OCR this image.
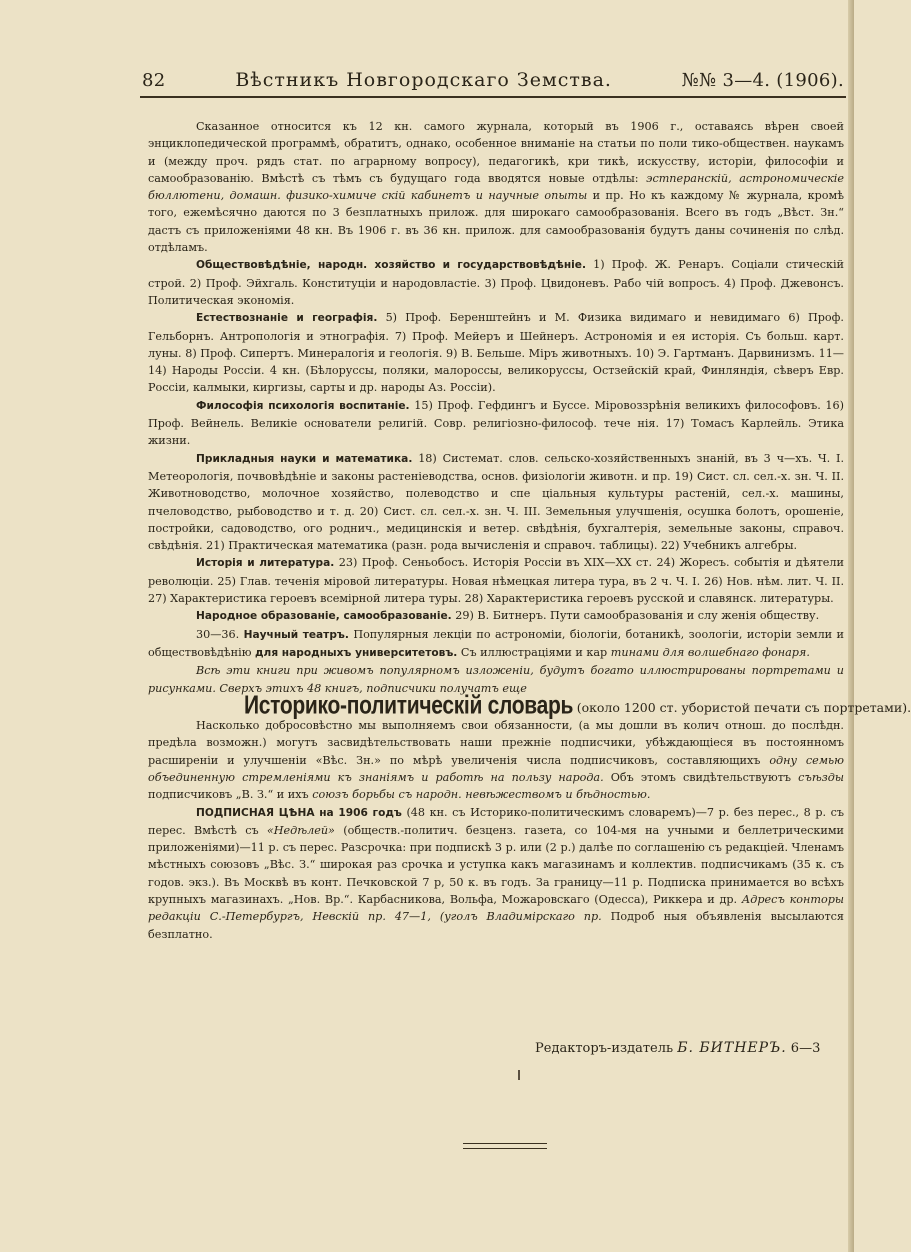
82	Вѣстникъ Новгородскаго Земства.	№№ 3—4. (1906).

Сказанное относится къ 12 кн. самого журнала, который въ 1906 г., оставаясь вѣрен своей энциклопедической программѣ, обратитъ, однако, особенное вниманіе на статьи по поли тико-обществен. наукамъ и (между проч. рядъ стат. по аграрному вопросу), педагогикѣ, кри тикѣ, искусству, исторіи, философіи и самообразованію. Вмѣстѣ съ тѣмъ съ будущаго года вводятся новые отдѣлы: эстперанскій, астрономическіе бюллютени, домашн. физико-химиче скій кабинетъ и научные опыты и пр. Но къ каждому № журнала, кромѣ того, ежемѣсячно даются по 3 безплатныхъ прилож. для широкаго самообразованія. Всего въ годъ „Вѣст. Зн.“ дастъ съ приложеніями 48 кн. Въ 1906 г. въ 36 кн. прилож. для самообразованія будутъ даны сочиненія по слѣд. отдѣламъ.

Обществовѣдѣніе, народн. хозяйство и государствовѣдѣніе. 1) Проф. Ж. Ренаръ. Соціали стическій строй. 2) Проф. Эйхгаль. Конституціи и народовластіе. 3) Проф. Цвидоневъ. Рабо чій вопросъ. 4) Проф. Джевонсъ. Политическая экономія.

Естествознаніе и географія. 5) Проф. Беренштейнъ и М. Физика видимаго и невидимаго 6) Проф. Гельборнъ. Антропологія и этнографія. 7) Проф. Мейеръ и Шейнеръ. Астрономія и ея исторія. Съ больш. карт. луны. 8) Проф. Сипертъ. Минералогія и геологія. 9) В. Бельше. Міръ животныхъ. 10) Э. Гартманъ. Дарвинизмъ. 11—14) Народы Россіи. 4 кн. (Бѣлоруссы, поляки, малороссы, великоруссы, Остзейскій край, Финляндія, сѣверъ Евр. Россіи, калмыки, киргизы, сарты и др. народы Аз. Россіи).

Философія психологія воспитаніе. 15) Проф. Гефдингъ и Буссе. Міровоззрѣнія великихъ философовъ. 16) Проф. Вейнель. Великіе основатели религій. Совр. религіозно-философ. тече нія. 17) Томасъ Карлейль. Этика жизни.

Прикладныя науки и математика. 18) Системат. слов. сельско-хозяйственныхъ знаній, въ 3 ч—хъ. Ч. I. Метеорологія, почвовѣдѣніе и законы растеніеводства, основ. физіологіи животн. и пр. 19) Сист. сл. сел.-х. зн. Ч. II. Животноводство, молочное хозяйство, полеводство и спе ціальныя культуры растеній, сел.-х. машины, пчеловодство, рыбоводство и т. д. 20) Сист. сл. сел.-х. зн. Ч. III. Земельныя улучшенія, осушка болотъ, орошеніе, постройки, садоводство, ого роднич., медицинскія и ветер. свѣдѣнія, бухгалтерія, земельные законы, справоч. свѣдѣнія. 21) Практическая математика (разн. рода вычисленія и справоч. таблицы). 22) Учебникъ алгебры.

Исторія и литература. 23) Проф. Сеньобосъ. Исторія Россіи въ XIX—XX ст. 24) Жоресъ. событія и дѣятели революціи. 25) Глав. теченія міровой литературы. Новая нѣмецкая литера тура, въ 2 ч. Ч. I. 26) Нов. нѣм. лит. Ч. II. 27) Характеристика героевъ всемірной литера туры. 28) Характеристика героевъ русской и славянск. литературы.

Народное образованіе, самообразованіе. 29) В. Битнеръ. Пути самообразованія и слу женія обществу.

30—36. Научный театръ. Популярныя лекціи по астрономіи, біологіи, ботаникѣ, зоологіи, исторіи земли и обществовѣдѣнію для народныхъ университетовъ. Съ иллюстраціями и кар тинами для волшебнаго фонаря.

Всѣ эти книги при живомъ популярномъ изложеніи, будутъ богато иллюстрированы портретами и рисунками. Сверхъ этихъ 48 книгъ, подписчики получатъ еще

Историко-политическій словарь (около 1200 ст. убористой печати съ портретами).

Насколько добросовѣстно мы выполняемъ свои обязанности, (а мы дошли въ колич отнош. до послѣдн. предѣла возможн.) могутъ засвидѣтельствовать наши прежніе подписчики, убѣждающіеся въ постоянномъ расширеніи и улучшеніи «Вѣс. Зн.» по мѣрѣ увеличенія числа подписчиковъ, составляющихъ одну семью объединенную стремленіями къ знаніямъ и работѣ на пользу народа. Объ этомъ свидѣтельствуютъ съѣзды подписчиковъ „В. З.“ и ихъ союзъ борьбы съ народн. невѣжествомъ и бѣдностью.

ПОДПИСНАЯ ЦѢНА на 1906 годъ (48 кн. съ Историко-политическимъ словаремъ)—7 р. без перес., 8 р. съ перес. Вмѣстѣ съ «Недѣлей» (обществ.-политич. безценз. газета, со 104-мя на учными и беллетрическими приложеніями)—11 р. съ перес. Разсрочка: при подпискѣ 3 р. или (2 р.) далѣе по соглашенію съ редакціей. Членамъ мѣстныхъ союзовъ „Вѣс. З.“ широкая раз срочка и уступка какъ магазинамъ и коллектив. подписчикамъ (35 к. съ годов. экз.). Въ Москвѣ въ конт. Печковской 7 р, 50 к. въ годъ. За границу—11 р. Подписка принимается во всѣхъ крупныхъ магазинахъ. „Нов. Вр.“. Карбасникова, Вольфа, Можаровскаго (Одесса), Риккера и др. Адресъ конторы редакціи С.-Петербургъ, Невскій пр. 47—1, (уголъ Владимірскаго пр. Подроб ныя объявленія высылаются безплатно.

Редакторъ-издатель Б. БИТНЕРЪ. 6—3
